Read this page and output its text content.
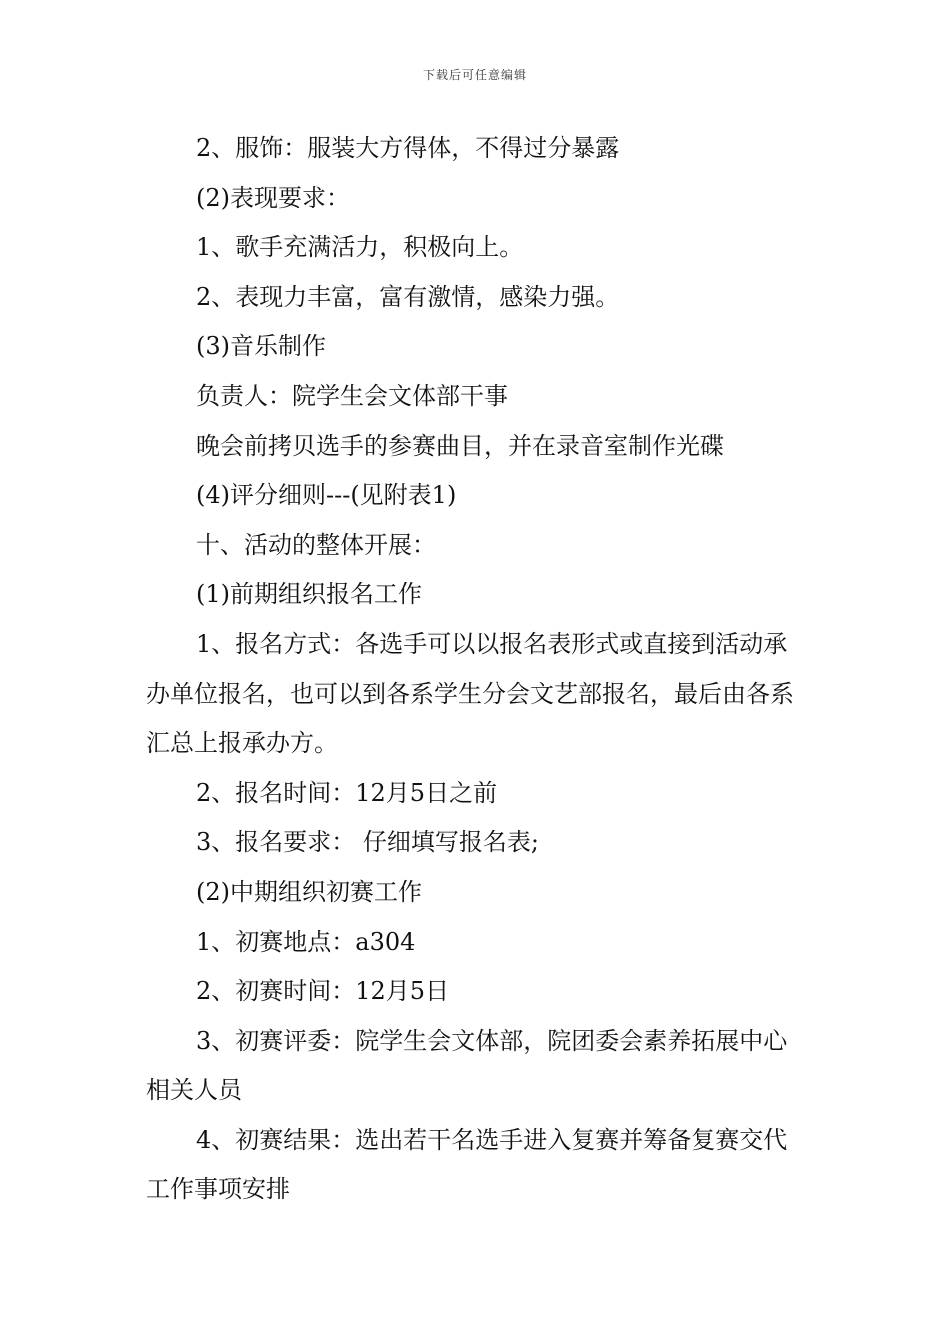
下载后可任意编辑

2、服饰：服装大方得体，不得过分暴露

(2)表现要求：

1、歌手充满活力，积极向上。

2、表现力丰富，富有激情，感染力强。

(3)音乐制作

负责人：院学生会文体部干事

晚会前拷贝选手的参赛曲目，并在录音室制作光碟

(4)评分细则---(见附表1)

十、活动的整体开展：

(1)前期组织报名工作

1、报名方式：各选手可以以报名表形式或直接到活动承办单位报名，也可以到各系学生分会文艺部报名，最后由各系汇总上报承办方。

2、报名时间：12月5日之前

3、报名要求： 仔细填写报名表;

(2)中期组织初赛工作

1、初赛地点：a304

2、初赛时间：12月5日

3、初赛评委：院学生会文体部，院团委会素养拓展中心相关人员

4、初赛结果：选出若干名选手进入复赛并筹备复赛交代工作事项安排
